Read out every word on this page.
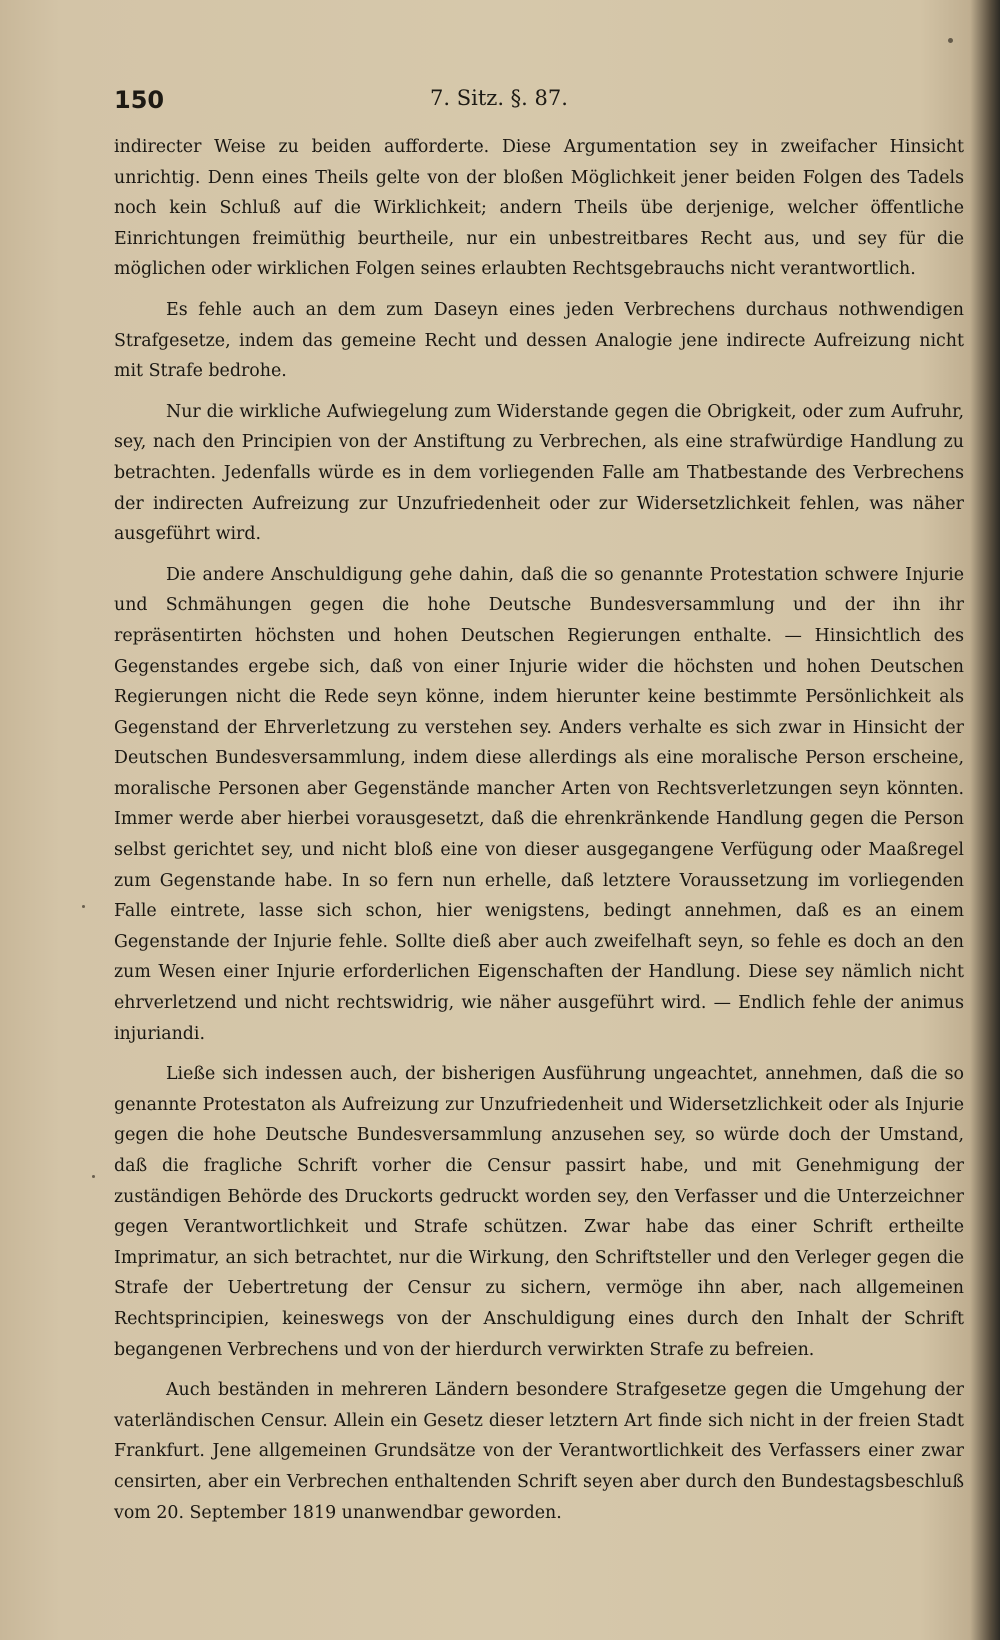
150	7. Sitz. §. 87.

indirecter Weise zu beiden aufforderte. Diese Argumentation sey in zweifacher Hinsicht unrichtig. Denn eines Theils gelte von der bloßen Möglichkeit jener beiden Folgen des Tadels noch kein Schluß auf die Wirklichkeit; andern Theils übe derjenige, welcher öffentliche Einrichtungen freimüthig beurtheile, nur ein unbestreitbares Recht aus, und sey für die möglichen oder wirklichen Folgen seines erlaubten Rechtsgebrauchs nicht verantwortlich.

Es fehle auch an dem zum Daseyn eines jeden Verbrechens durchaus nothwendigen Strafgesetze, indem das gemeine Recht und dessen Analogie jene indirecte Aufreizung nicht mit Strafe bedrohe.

Nur die wirkliche Aufwiegelung zum Widerstande gegen die Obrigkeit, oder zum Aufruhr, sey, nach den Principien von der Anstiftung zu Verbrechen, als eine strafwürdige Handlung zu betrachten. Jedenfalls würde es in dem vorliegenden Falle am Thatbestande des Verbrechens der indirecten Aufreizung zur Unzufriedenheit oder zur Widersetzlichkeit fehlen, was näher ausgeführt wird.

Die andere Anschuldigung gehe dahin, daß die so genannte Protestation schwere Injurie und Schmähungen gegen die hohe Deutsche Bundesversammlung und der ihn ihr repräsentirten höchsten und hohen Deutschen Regierungen enthalte. — Hinsichtlich des Gegenstandes ergebe sich, daß von einer Injurie wider die höchsten und hohen Deutschen Regierungen nicht die Rede seyn könne, indem hierunter keine bestimmte Persönlichkeit als Gegenstand der Ehrverletzung zu verstehen sey. Anders verhalte es sich zwar in Hinsicht der Deutschen Bundesversammlung, indem diese allerdings als eine moralische Person erscheine, moralische Personen aber Gegenstände mancher Arten von Rechtsverletzungen seyn könnten. Immer werde aber hierbei vorausgesetzt, daß die ehrenkränkende Handlung gegen die Person selbst gerichtet sey, und nicht bloß eine von dieser ausgegangene Verfügung oder Maaßregel zum Gegenstande habe. In so fern nun erhelle, daß letztere Voraussetzung im vorliegenden Falle eintrete, lasse sich schon, hier wenigstens, bedingt annehmen, daß es an einem Gegenstande der Injurie fehle. Sollte dieß aber auch zweifelhaft seyn, so fehle es doch an den zum Wesen einer Injurie erforderlichen Eigenschaften der Handlung. Diese sey nämlich nicht ehrverletzend und nicht rechtswidrig, wie näher ausgeführt wird. — Endlich fehle der animus injuriandi.

Ließe sich indessen auch, der bisherigen Ausführung ungeachtet, annehmen, daß die so genannte Protestaton als Aufreizung zur Unzufriedenheit und Widersetzlichkeit oder als Injurie gegen die hohe Deutsche Bundesversammlung anzusehen sey, so würde doch der Umstand, daß die fragliche Schrift vorher die Censur passirt habe, und mit Genehmigung der zuständigen Behörde des Druckorts gedruckt worden sey, den Verfasser und die Unterzeichner gegen Verantwortlichkeit und Strafe schützen. Zwar habe das einer Schrift ertheilte Imprimatur, an sich betrachtet, nur die Wirkung, den Schriftsteller und den Verleger gegen die Strafe der Uebertretung der Censur zu sichern, vermöge ihn aber, nach allgemeinen Rechtsprincipien, keineswegs von der Anschuldigung eines durch den Inhalt der Schrift begangenen Verbrechens und von der hierdurch verwirkten Strafe zu befreien.

Auch beständen in mehreren Ländern besondere Strafgesetze gegen die Umgehung der vaterländischen Censur. Allein ein Gesetz dieser letztern Art finde sich nicht in der freien Stadt Frankfurt. Jene allgemeinen Grundsätze von der Verantwortlichkeit des Verfassers einer zwar censirten, aber ein Verbrechen enthaltenden Schrift seyen aber durch den Bundestagsbeschluß vom 20. September 1819 unanwendbar geworden.
